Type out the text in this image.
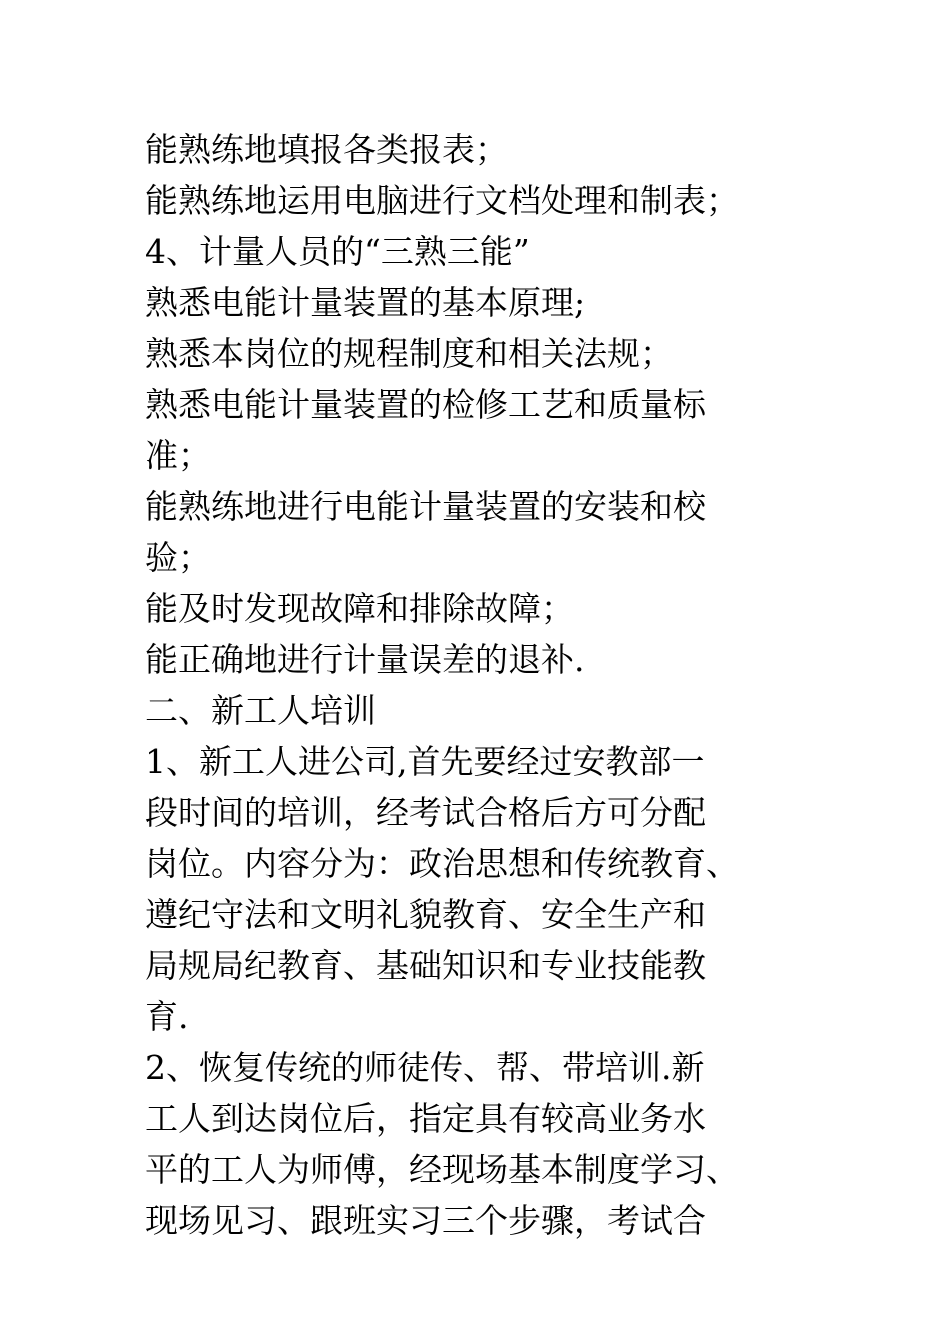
能熟练地填报各类报表；
能熟练地运用电脑进行文档处理和制表；
4、计量人员的“三熟三能”
熟悉电能计量装置的基本原理;
熟悉本岗位的规程制度和相关法规；
熟悉电能计量装置的检修工艺和质量标
准；
能熟练地进行电能计量装置的安装和校
验；
能及时发现故障和排除故障；
能正确地进行计量误差的退补.
二、新工人培训
1、新工人进公司,首先要经过安教部一
段时间的培训，经考试合格后方可分配
岗位。内容分为：政治思想和传统教育、
遵纪守法和文明礼貌教育、安全生产和
局规局纪教育、基础知识和专业技能教
育.
2、恢复传统的师徒传、帮、带培训.新
工人到达岗位后，指定具有较高业务水
平的工人为师傅，经现场基本制度学习、
现场见习、跟班实习三个步骤，考试合
